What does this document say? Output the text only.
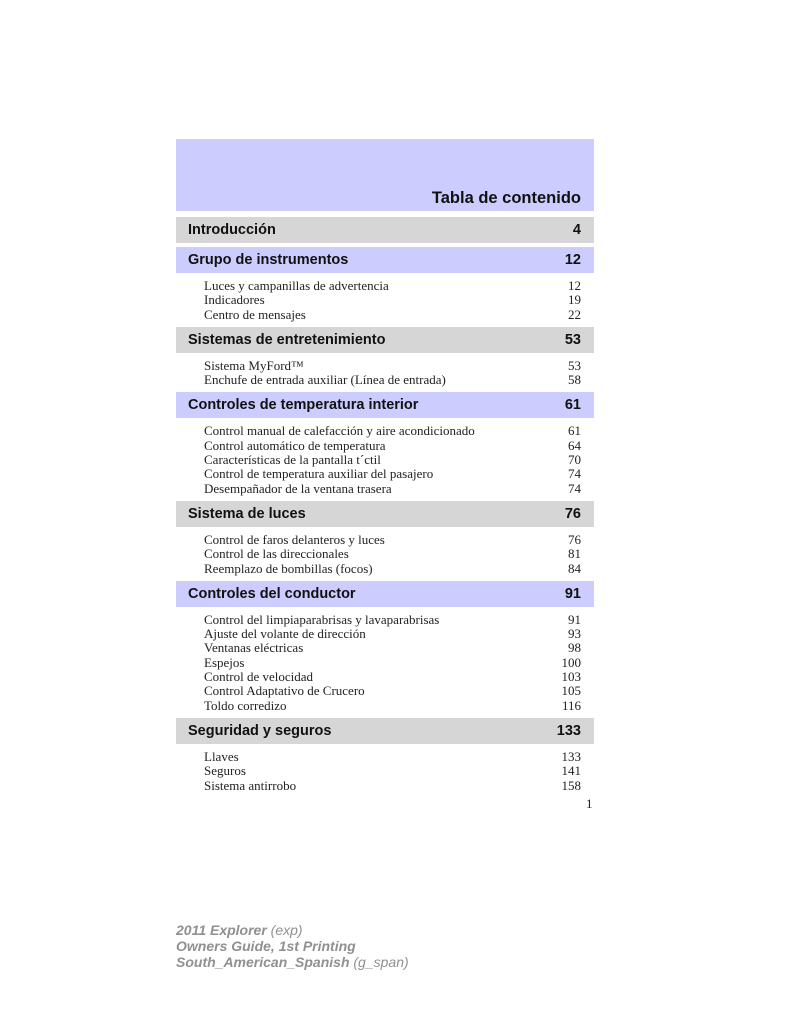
Tabla de contenido
Introducción	4
Grupo de instrumentos	12
Luces y campanillas de advertencia	12
Indicadores	19
Centro de mensajes	22
Sistemas de entretenimiento	53
Sistema MyFord™	53
Enchufe de entrada auxiliar (Línea de entrada)	58
Controles de temperatura interior	61
Control manual de calefacción y aire acondicionado	61
Control automático de temperatura	64
Características de la pantalla t´ctil	70
Control de temperatura auxiliar del pasajero	74
Desempañador de la ventana trasera	74
Sistema de luces	76
Control de faros delanteros y luces	76
Control de las direccionales	81
Reemplazo de bombillas (focos)	84
Controles del conductor	91
Control del limpiaparabrisas y lavaparabrisas	91
Ajuste del volante de dirección	93
Ventanas eléctricas	98
Espejos	100
Control de velocidad	103
Control Adaptativo de Crucero	105
Toldo corredizo	116
Seguridad y seguros	133
Llaves	133
Seguros	141
Sistema antirrobo	158
1
2011 Explorer (exp)
Owners Guide, 1st Printing
South_American_Spanish (g_span)
